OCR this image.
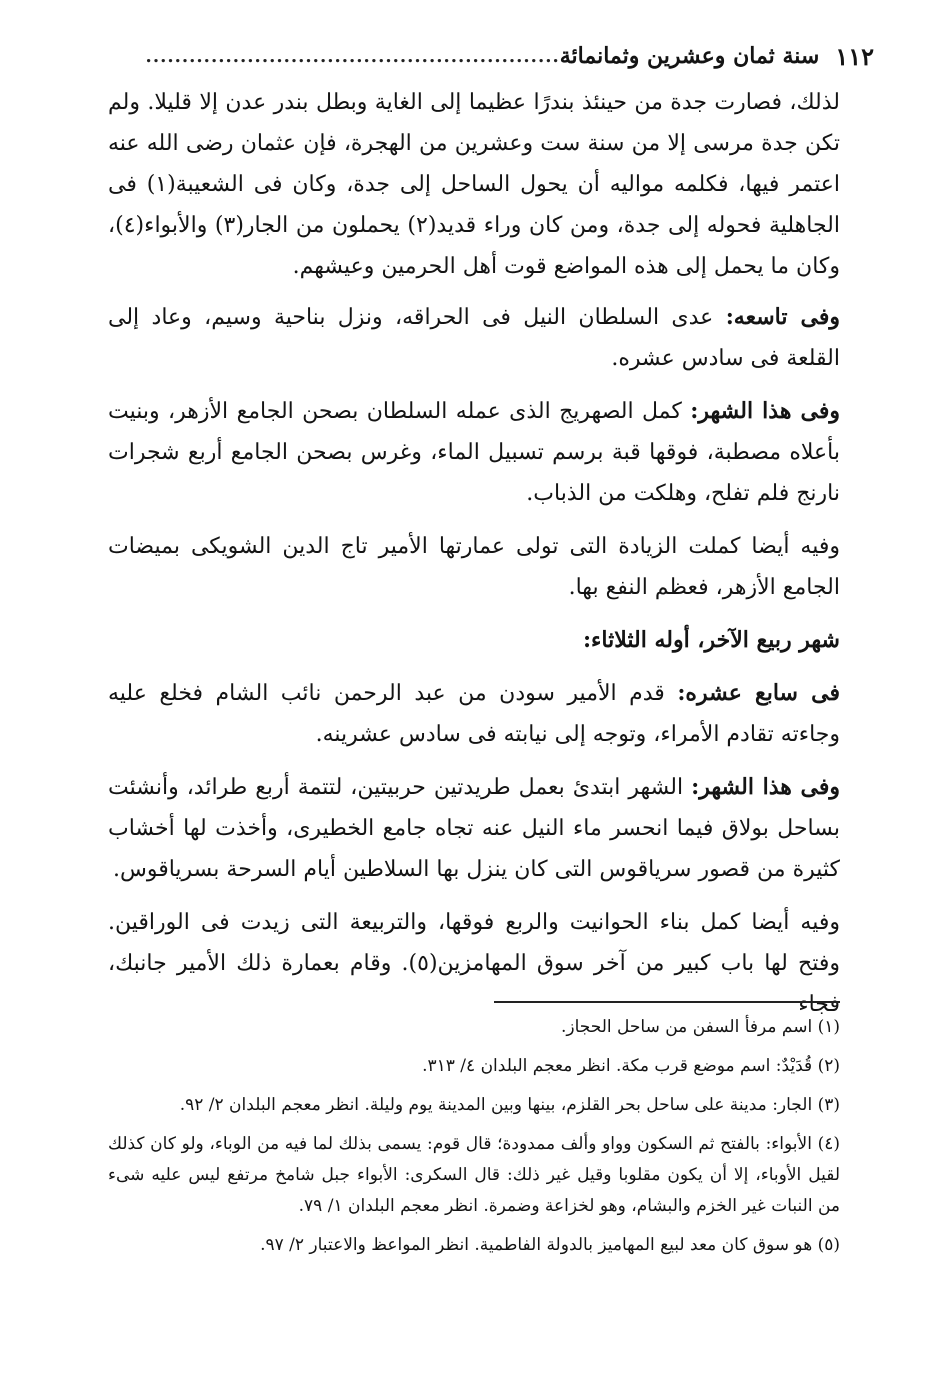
١١٢
سنة ثمان وعشرين وثمانمائة
.........................................................

لذلك، فصارت جدة من حينئذ بندرًا عظيما إلى الغاية وبطل بندر عدن إلا قليلا. ولم تكن جدة مرسى إلا من سنة ست وعشرين من الهجرة، فإن عثمان رضى الله عنه اعتمر فيها، فكلمه مواليه أن يحول الساحل إلى جدة، وكان فى الشعيبة(١) فى الجاهلية فحوله إلى جدة، ومن كان وراء قديد(٢) يحملون من الجار(٣) والأبواء(٤)، وكان ما يحمل إلى هذه المواضع قوت أهل الحرمين وعيشهم.

وفى تاسعه: عدى السلطان النيل فى الحراقه، ونزل بناحية وسيم، وعاد إلى القلعة فى سادس عشره.

وفى هذا الشهر: كمل الصهريج الذى عمله السلطان بصحن الجامع الأزهر، وبنيت بأعلاه مصطبة، فوقها قبة برسم تسبيل الماء، وغرس بصحن الجامع أربع شجرات نارنج فلم تفلح، وهلكت من الذباب.

وفيه أيضا كملت الزيادة التى تولى عمارتها الأمير تاج الدين الشويكى بميضات الجامع الأزهر، فعظم النفع بها.

شهر ربيع الآخر، أوله الثلاثاء:

فى سابع عشره: قدم الأمير سودن من عبد الرحمن نائب الشام فخلع عليه وجاءته تقادم الأمراء، وتوجه إلى نيابته فى سادس عشرينه.

وفى هذا الشهر: الشهر ابتدئ بعمل طريدتين حربيتين، لتتمة أربع طرائد، وأنشئت بساحل بولاق فيما انحسر ماء النيل عنه تجاه جامع الخطيرى، وأخذت لها أخشاب كثيرة من قصور سرياقوس التى كان ينزل بها السلاطين أيام السرحة بسرياقوس.

وفيه أيضا كمل بناء الحوانيت والربع فوقها، والتربيعة التى زيدت فى الوراقين. وفتح لها باب كبير من آخر سوق المهامزين(٥). وقام بعمارة ذلك الأمير جانبك، فجاء

(١) اسم مرفأ السفن من ساحل الحجاز.

(٢) قُدَيْدٌ: اسم موضع قرب مكة. انظر معجم البلدان ٤/ ٣١٣.

(٣) الجار: مدينة على ساحل بحر القلزم، بينها وبين المدينة يوم وليلة. انظر معجم البلدان ٢/ ٩٢.

(٤) الأبواء: بالفتح ثم السكون وواو وألف ممدودة؛ قال قوم: يسمى بذلك لما فيه من الوباء، ولو كان كذلك لقيل الأوباء، إلا أن يكون مقلوبا وقيل غير ذلك: قال السكرى: الأبواء جبل شامخ مرتفع ليس عليه شىء من النبات غير الخزم والبشام، وهو لخزاعة وضمرة. انظر معجم البلدان ١/ ٧٩.

(٥) هو سوق كان معد لبيع المهاميز بالدولة الفاطمية. انظر المواعظ والاعتبار ٢/ ٩٧.
